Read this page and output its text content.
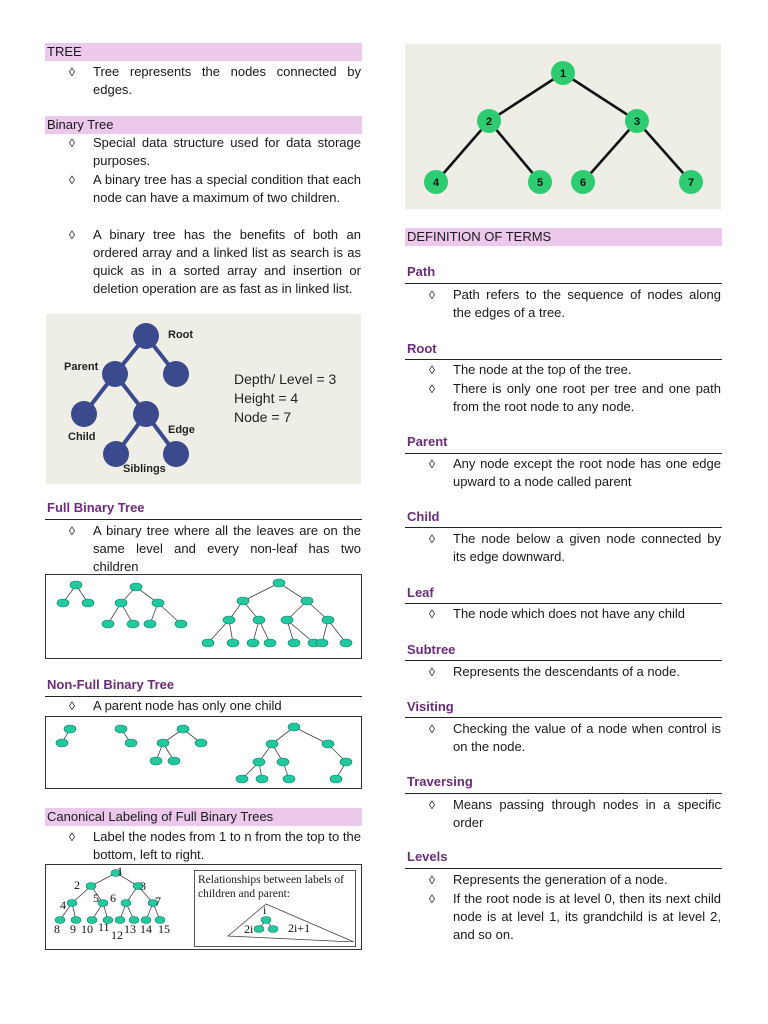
TREE
◊ Tree represents the nodes connected by edges.
Binary Tree
◊ Special data structure used for data storage purposes.
◊ A binary tree has a special condition that each node can have a maximum of two children.
◊ A binary tree has the benefits of both an ordered array and a linked list as search is as quick as in a sorted array and insertion or deletion operation are as fast as in linked list.
Root
Parent
Child
Edge
Siblings
Depth/ Level = 3
Height = 4
Node = 7
Full Binary Tree
◊ A binary tree where all the leaves are on the same level and every non-leaf has two children
Non-Full Binary Tree
◊ A parent node has only one child
Canonical Labeling of Full Binary Trees
◊ Label the nodes from 1 to n from the top to the bottom, left to right.
1
2	3
4 5 6	7
8 9 10 11
12 13 14 15
Relationships between labels of children and parent:
i
2i	2i+1
1
2	3
4	5	6	7
DEFINITION OF TERMS
Path
◊ Path refers to the sequence of nodes along the edges of a tree.
Root
◊ The node at the top of the tree.
◊ There is only one root per tree and one path from the root node to any node.
Parent
◊ Any node except the root node has one edge upward to a node called parent
Child
◊ The node below a given node connected by its edge downward.
Leaf
◊ The node which does not have any child
Subtree
◊ Represents the descendants of a node.
Visiting
◊ Checking the value of a node when control is on the node.
Traversing
◊ Means passing through nodes in a specific order
Levels
◊ Represents the generation of a node.
◊ If the root node is at level 0, then its next child node is at level 1, its grandchild is at level 2, and so on.
